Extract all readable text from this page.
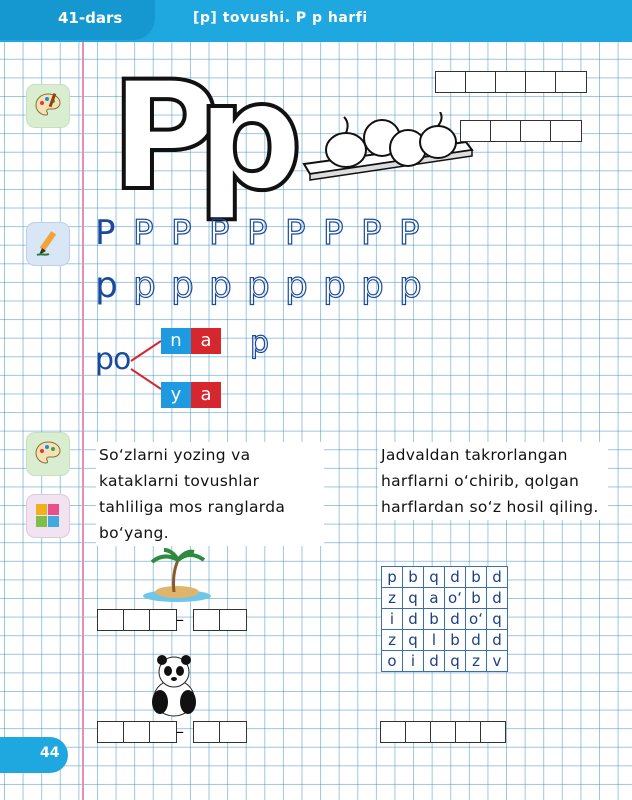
41-dars	[p] tovushi. P p harfi
P
p
P
p
po
n	a	p
y	a
So‘zlarni yozing va kataklarni tovushlar tahliliga mos ranglarda bo‘yang.
Jadvaldan takrorlangan harflarni o‘chirib, qolgan harflardan so‘z hosil qiling.
–
–
p	b	q	d	b	d
z	q	a	o‘	b	d
i	d	b	d	o‘	q
z	q	l	b	d	d
o	i	d	q	z	v
44
P P P P P P P P
p p p p p p p p
